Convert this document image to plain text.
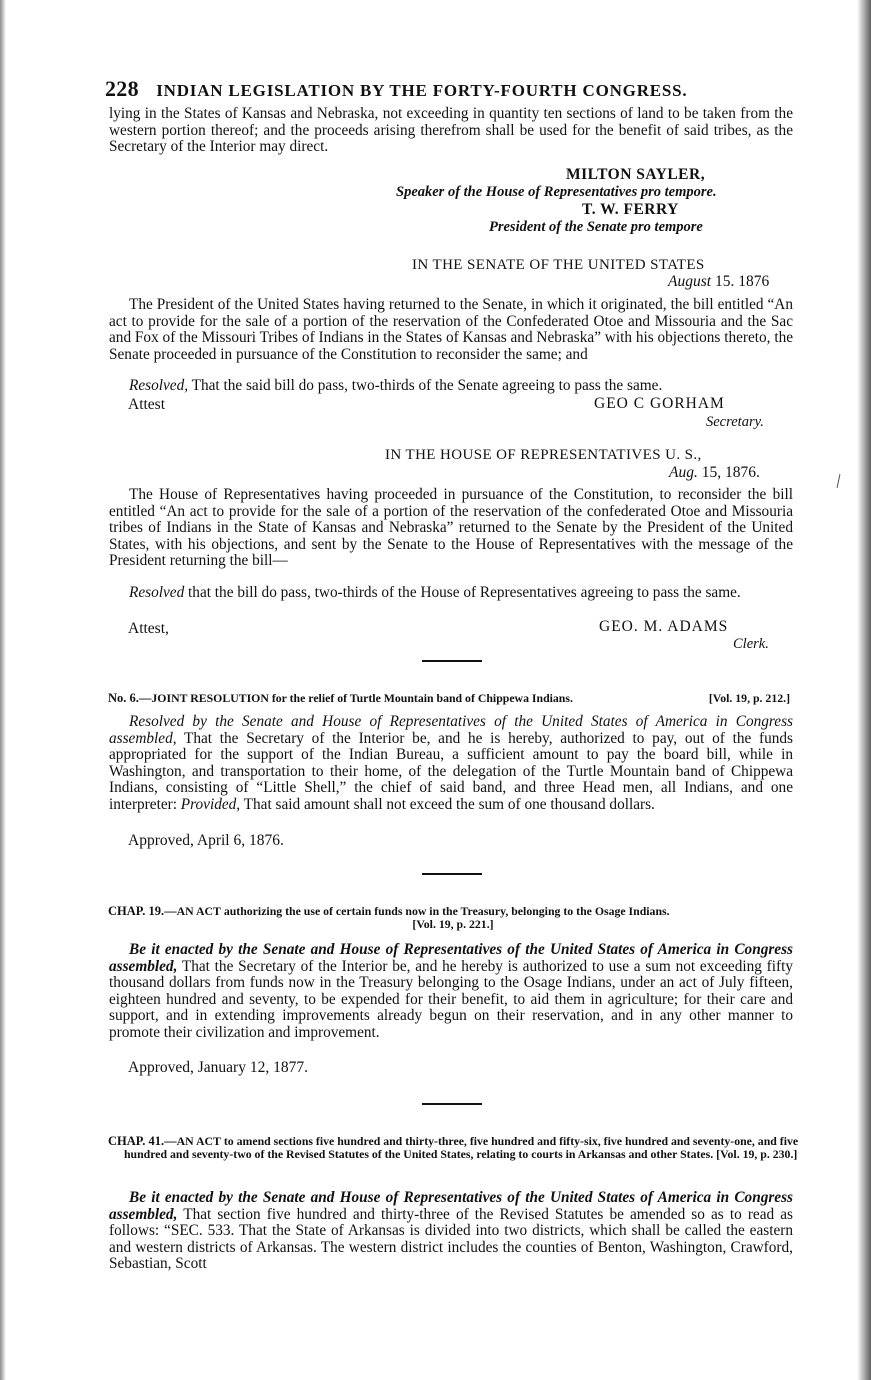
228 INDIAN LEGISLATION BY THE FORTY-FOURTH CONGRESS.

lying in the States of Kansas and Nebraska, not exceeding in quantity ten sections of land to be taken from the western portion thereof; and the proceeds arising therefrom shall be used for the benefit of said tribes, as the Secretary of the Interior may direct.

MILTON SAYLER,
Speaker of the House of Representatives pro tempore.
T. W. FERRY
President of the Senate pro tempore
IN THE SENATE OF THE UNITED STATES
August 15. 1876

The President of the United States having returned to the Senate, in which it originated, the bill entitled “An act to provide for the sale of a portion of the reservation of the Confederated Otoe and Missouria and the Sac and Fox of the Missouri Tribes of Indians in the States of Kansas and Nebraska” with his objections thereto, the Senate proceeded in pursuance of the Constitution to reconsider the same; and

Resolved, That the said bill do pass, two-thirds of the Senate agreeing to pass the same.

Attest	GEO C GORHAM
Secretary.
IN THE HOUSE OF REPRESENTATIVES U. S.,
Aug. 15, 1876.

The House of Representatives having proceeded in pursuance of the Constitution, to reconsider the bill entitled “An act to provide for the sale of a portion of the reservation of the confederated Otoe and Missouria tribes of Indians in the State of Kansas and Nebraska” returned to the Senate by the President of the United States, with his objections, and sent by the Senate to the House of Representatives with the message of the President returning the bill—

Resolved that the bill do pass, two-thirds of the House of Representatives agreeing to pass the same.

Attest,	GEO. M. ADAMS
Clerk.
No. 6.—JOINT RESOLUTION for the relief of Turtle Mountain band of Chippewa Indians.	[Vol. 19, p. 212.]

Resolved by the Senate and House of Representatives of the United States of America in Congress assembled, That the Secretary of the Interior be, and he is hereby, authorized to pay, out of the funds appropriated for the support of the Indian Bureau, a sufficient amount to pay the board bill, while in Washington, and transportation to their home, of the delegation of the Turtle Mountain band of Chippewa Indians, consisting of “Little Shell,” the chief of said band, and three Head men, all Indians, and one interpreter: Provided, That said amount shall not exceed the sum of one thousand dollars.

Approved, April 6, 1876.
CHAP. 19.—AN ACT authorizing the use of certain funds now in the Treasury, belonging to the Osage Indians.
[Vol. 19, p. 221.]

Be it enacted by the Senate and House of Representatives of the United States of America in Congress assembled, That the Secretary of the Interior be, and he hereby is authorized to use a sum not exceeding fifty thousand dollars from funds now in the Treasury belonging to the Osage Indians, under an act of July fifteen, eighteen hundred and seventy, to be expended for their benefit, to aid them in agriculture; for their care and support, and in extending improvements already begun on their reservation, and in any other manner to promote their civilization and improvement.

Approved, January 12, 1877.
CHAP. 41.—AN ACT to amend sections five hundred and thirty-three, five hundred and fifty-six, five hundred and seventy-one, and five hundred and seventy-two of the Revised Statutes of the United States, relating to courts in Arkansas and other States. [Vol. 19, p. 230.]

Be it enacted by the Senate and House of Representatives of the United States of America in Congress assembled, That section five hundred and thirty-three of the Revised Statutes be amended so as to read as follows: “SEC. 533. That the State of Arkansas is divided into two districts, which shall be called the eastern and western districts of Arkansas. The western district includes the counties of Benton, Washington, Crawford, Sebastian, Scott
